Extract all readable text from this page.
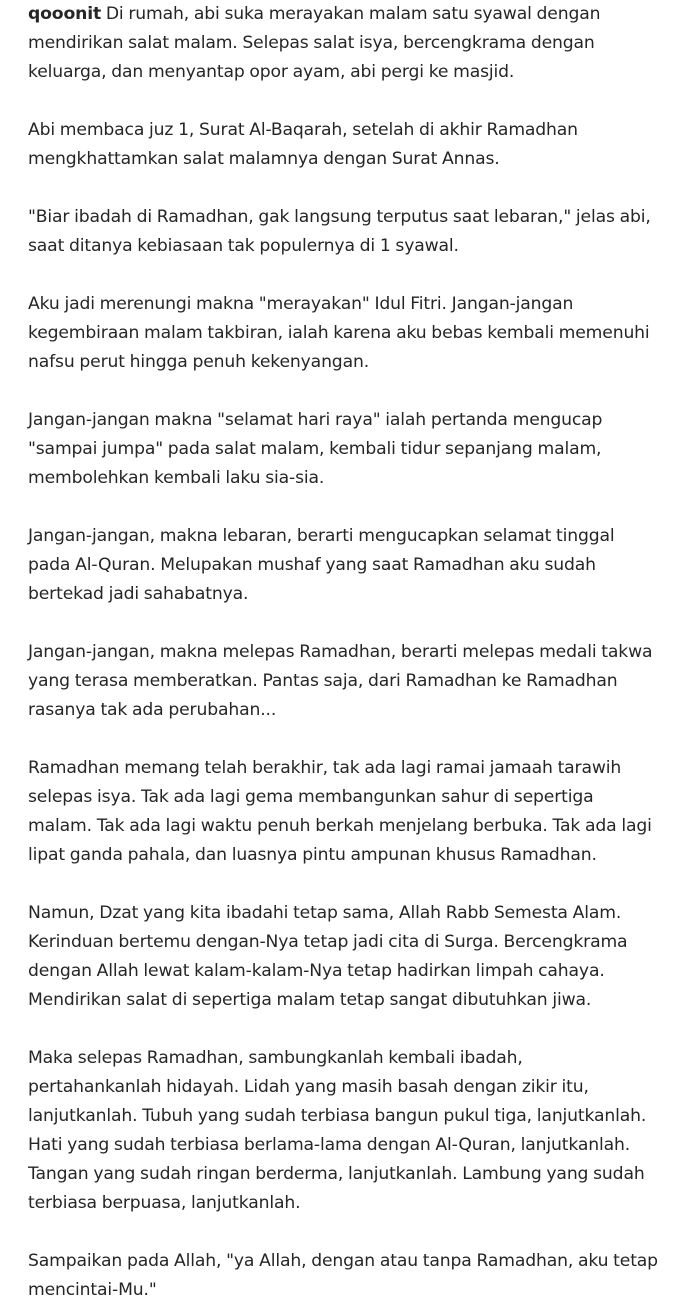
qooonit Di rumah, abi suka merayakan malam satu syawal dengan mendirikan salat malam. Selepas salat isya, bercengkrama dengan keluarga, dan menyantap opor ayam, abi pergi ke masjid.

Abi membaca juz 1, Surat Al-Baqarah, setelah di akhir Ramadhan mengkhattamkan salat malamnya dengan Surat Annas.

"Biar ibadah di Ramadhan, gak langsung terputus saat lebaran," jelas abi, saat ditanya kebiasaan tak populernya di 1 syawal.

Aku jadi merenungi makna "merayakan" Idul Fitri. Jangan-jangan kegembiraan malam takbiran, ialah karena aku bebas kembali memenuhi nafsu perut hingga penuh kekenyangan.

Jangan-jangan makna "selamat hari raya" ialah pertanda mengucap "sampai jumpa" pada salat malam, kembali tidur sepanjang malam, membolehkan kembali laku sia-sia.

Jangan-jangan, makna lebaran, berarti mengucapkan selamat tinggal pada Al-Quran. Melupakan mushaf yang saat Ramadhan aku sudah bertekad jadi sahabatnya.

Jangan-jangan, makna melepas Ramadhan, berarti melepas medali takwa yang terasa memberatkan. Pantas saja, dari Ramadhan ke Ramadhan rasanya tak ada perubahan...

Ramadhan memang telah berakhir, tak ada lagi ramai jamaah tarawih selepas isya. Tak ada lagi gema membangunkan sahur di sepertiga malam. Tak ada lagi waktu penuh berkah menjelang berbuka. Tak ada lagi lipat ganda pahala, dan luasnya pintu ampunan khusus Ramadhan.

Namun, Dzat yang kita ibadahi tetap sama, Allah Rabb Semesta Alam. Kerinduan bertemu dengan-Nya tetap jadi cita di Surga. Bercengkrama dengan Allah lewat kalam-kalam-Nya tetap hadirkan limpah cahaya. Mendirikan salat di sepertiga malam tetap sangat dibutuhkan jiwa.

Maka selepas Ramadhan, sambungkanlah kembali ibadah, pertahankanlah hidayah. Lidah yang masih basah dengan zikir itu, lanjutkanlah. Tubuh yang sudah terbiasa bangun pukul tiga, lanjutkanlah. Hati yang sudah terbiasa berlama-lama dengan Al-Quran, lanjutkanlah. Tangan yang sudah ringan berderma, lanjutkanlah. Lambung yang sudah terbiasa berpuasa, lanjutkanlah.

Sampaikan pada Allah, "ya Allah, dengan atau tanpa Ramadhan, aku tetap mencintai-Mu."
